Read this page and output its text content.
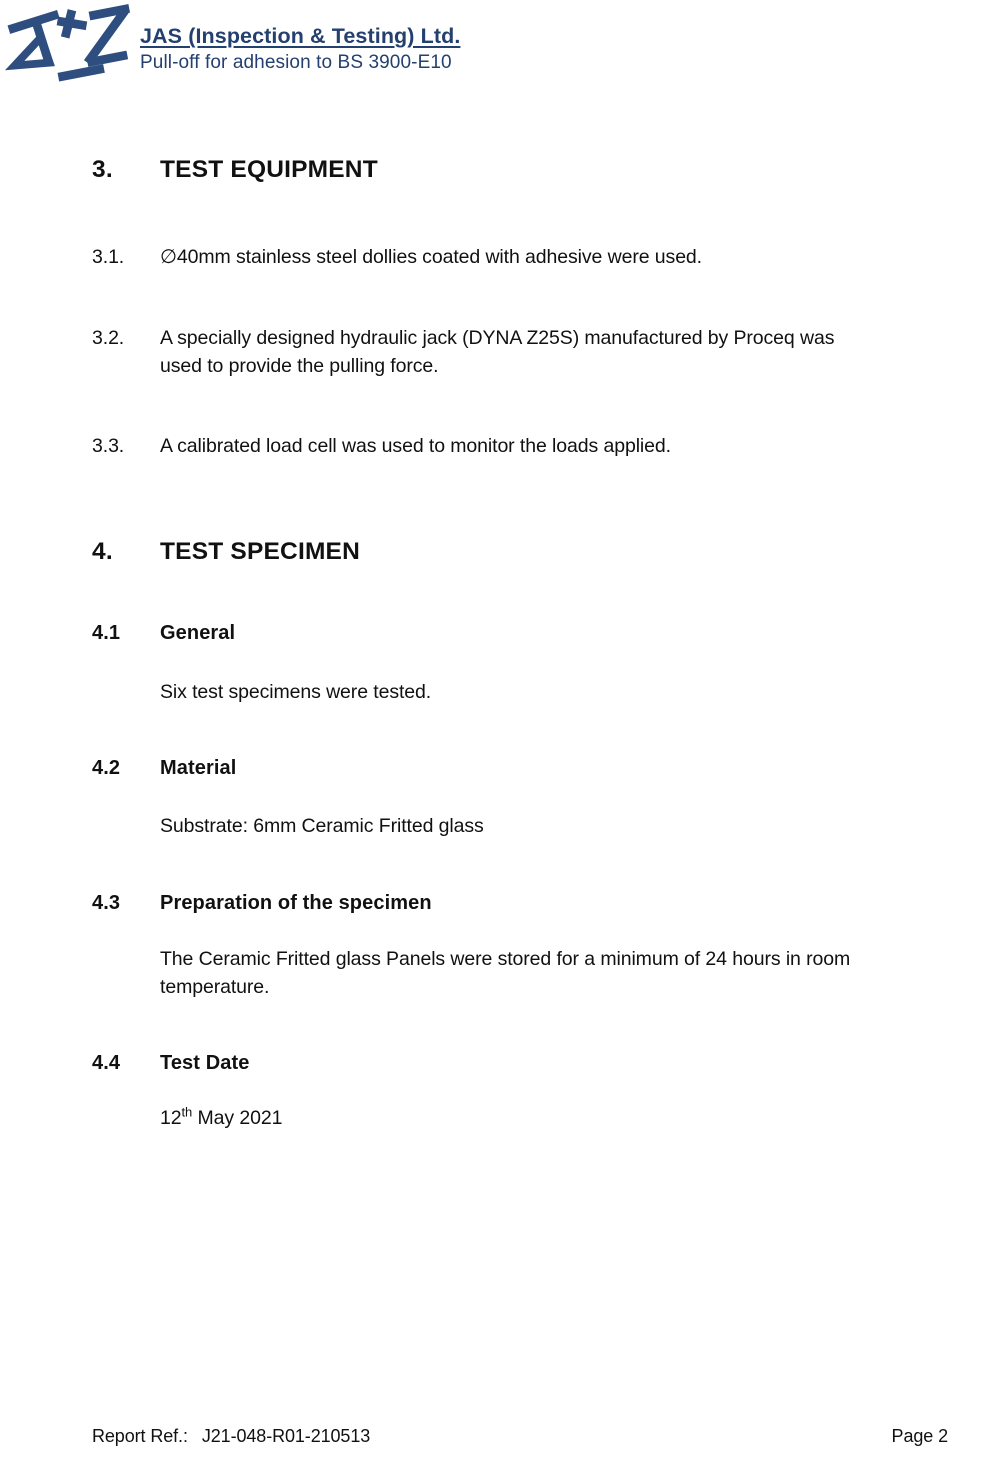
JAS (Inspection & Testing) Ltd.
Pull-off for adhesion to BS 3900-E10
3.	TEST EQUIPMENT
3.1.	∅40mm stainless steel dollies coated with adhesive were used.
3.2.	A specially designed hydraulic jack (DYNA Z25S) manufactured by Proceq was
used to provide the pulling force.
3.3.	A calibrated load cell was used to monitor the loads applied.
4.	TEST SPECIMEN
4.1	General
Six test specimens were tested.
4.2	Material
Substrate: 6mm Ceramic Fritted glass
4.3	Preparation of the specimen
The Ceramic Fritted glass Panels were stored for a minimum of 24 hours in room
temperature.
4.4	Test Date
12th May 2021
Report Ref.: J21-048-R01-210513	Page 2
